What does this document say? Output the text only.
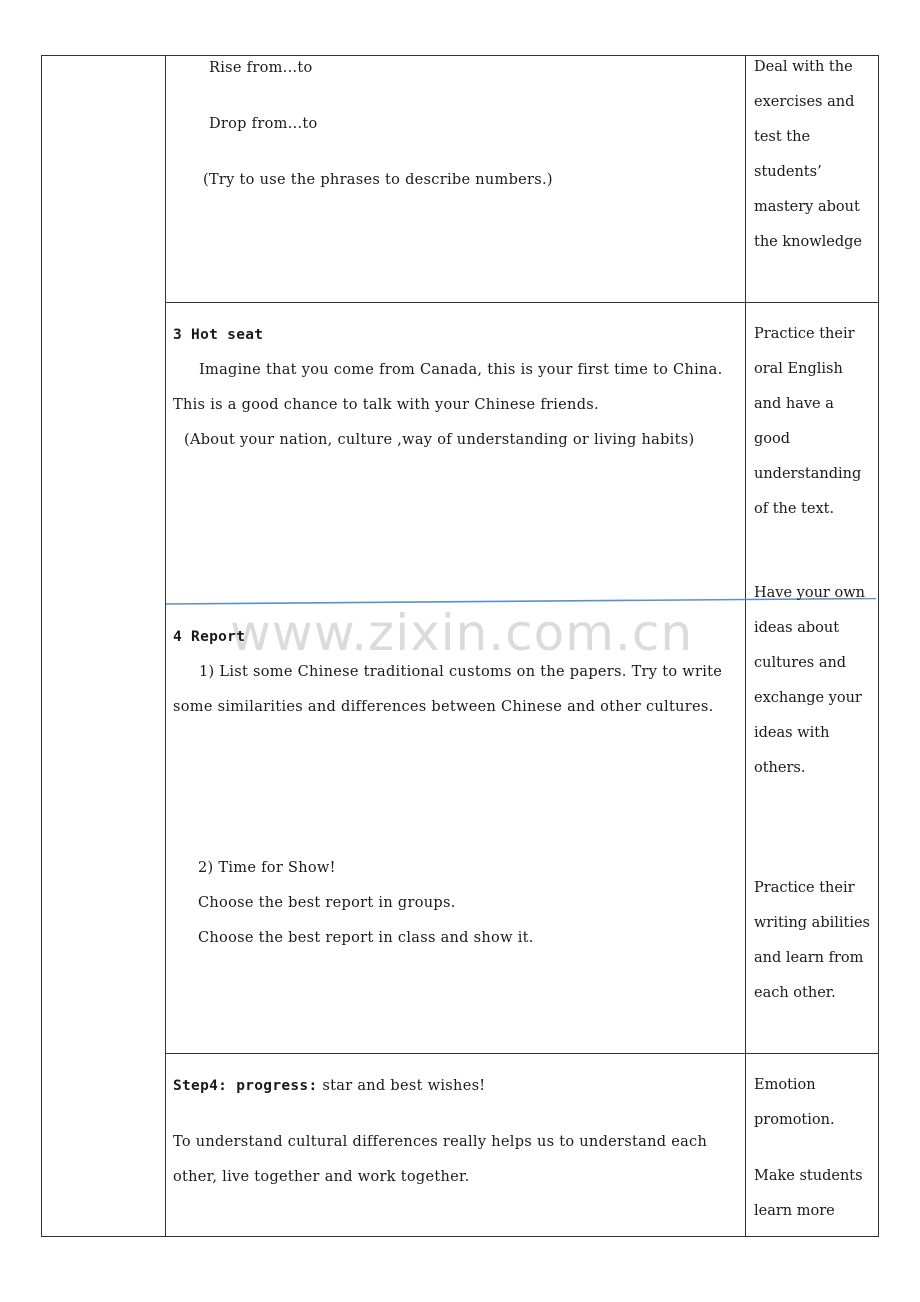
www.zixin.com.cn
Rise from...to
Drop from...to
(Try to use the phrases to describe numbers.)
Deal with the exercises and test the students’ mastery about the knowledge
3 Hot seat
Imagine that you come from Canada, this is your first time to China.
This is a good chance to talk with your Chinese friends.
(About your nation, culture ,way of understanding or living habits)
Practice their oral English and have a good understanding of the text.
Have your own ideas about cultures and exchange your ideas with others.
4 Report
1) List some Chinese traditional customs on the papers. Try to write
some similarities and differences between Chinese and other cultures.
2) Time for Show!
Choose the best report in groups.
Choose the best report in class and show it.
Practice their writing abilities and learn from each other.
Step4: progress: star and best wishes!
To understand cultural differences really helps us to understand each
other, live together and work together.
Emotion promotion.
Make students learn more
